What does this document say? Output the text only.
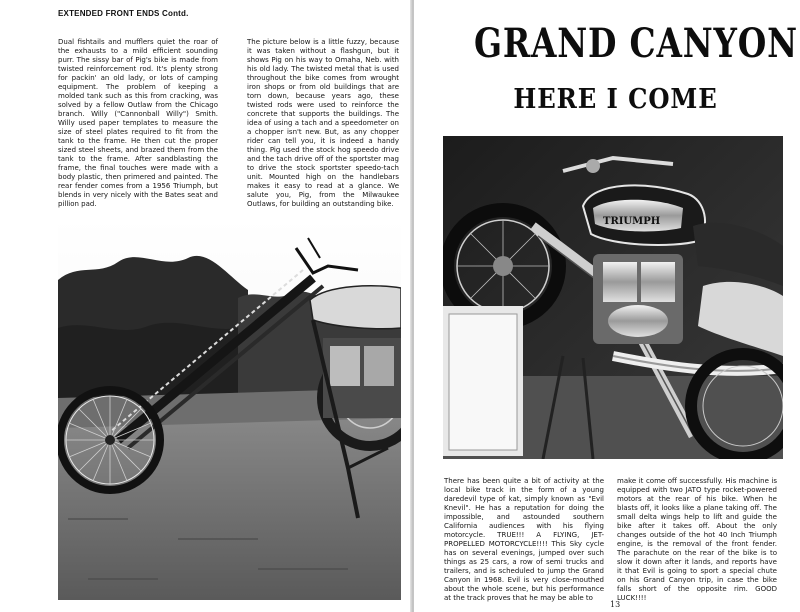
EXTENDED FRONT ENDS Contd.
Dual fishtails and mufflers quiet the roar of the exhausts to a mild efficient sounding purr. The sissy bar of Pig's bike is made from twisted reinforcement rod. It's plenty strong for packin' an old lady, or lots of camping equipment. The problem of keeping a molded tank such as this from cracking, was solved by a fellow Outlaw from the Chicago branch. Willy ("Cannonball Willy") Smith. Willy used paper templates to measure the size of steel plates required to fit from the tank to the frame. He then cut the proper sized steel sheets, and brazed them from the tank to the frame. After sandblasting the frame, the final touches were made with a body plastic, then primered and painted. The rear fender comes from a 1956 Triumph, but blends in very nicely with the Bates seat and pillion pad.
The picture below is a little fuzzy, because it was taken without a flashgun, but it shows Pig on his way to Omaha, Neb. with his old lady. The twisted metal that is used throughout the bike comes from wrought iron shops or from old buildings that are torn down, because years ago, these twisted rods were used to reinforce the concrete that supports the buildings. The idea of using a tach and a speedometer on a chopper isn't new. But, as any chopper rider can tell you, it is indeed a handy thing. Pig used the stock hog speedo drive and the tach drive off of the sportster mag to drive the stock sportster speedo-tach unit. Mounted high on the handlebars makes it easy to read at a glance. We salute you, Pig, from the Milwaukee Outlaws, for building an outstanding bike.
GRAND CANYON
HERE I COME
TRIUMPH
There has been quite a bit of activity at the local bike track in the form of a young daredevil type of kat, simply known as "Evil Knevil". He has a reputation for doing the impossible, and astounded southern California audiences with his flying motorcycle. TRUE!!! A FLYING, JET-PROPELLED MOTORCYCLE!!!! This Sky cycle has on several evenings, jumped over such things as 25 cars, a row of semi trucks and trailers, and is scheduled to jump the Grand Canyon in 1968. Evil is very close-mouthed about the whole scene, but his performance at the track proves that he may be able to
make it come off successfully. His machine is equipped with two JATO type rocket-powered motors at the rear of his bike. When he blasts off, it looks like a plane taking off. The small delta wings help to lift and guide the bike after it takes off. About the only changes outside of the hot 40 Inch Triumph engine, is the removal of the front fender. The parachute on the rear of the bike is to slow it down after it lands, and reports have it that Evil is going to sport a special chute on his Grand Canyon trip, in case the bike falls short of the opposite rim. GOOD LUCK!!!!
13
